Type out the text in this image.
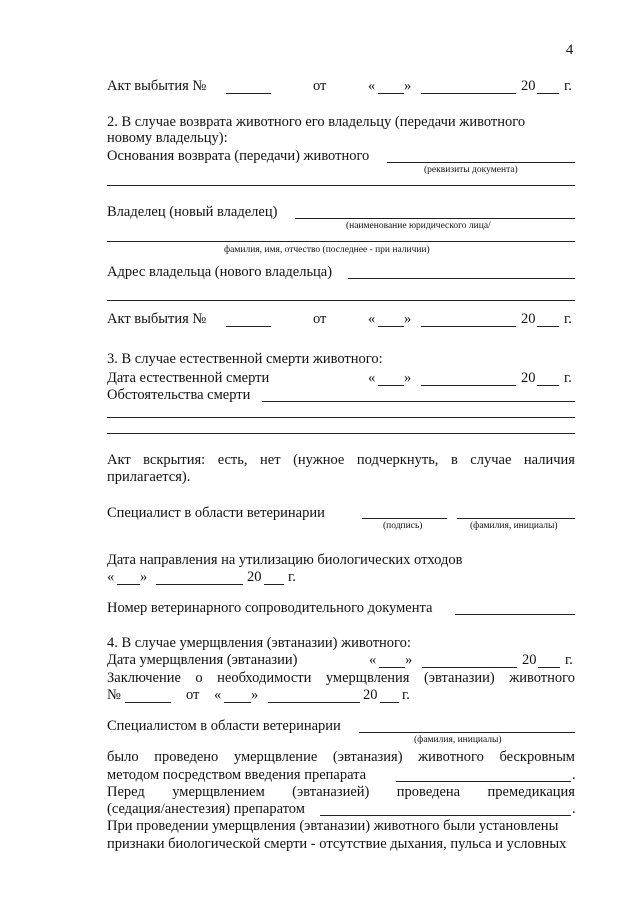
4
Акт выбытия №	от	« »	20 г.
2. В случае возврата животного его владельцу (передачи животного
новому владельцу):
Основания возврата (передачи) животного
(реквизиты документа)
Владелец (новый владелец)
(наименование юридического лица/
фамилия, имя, отчество (последнее - при наличии)
Адрес владельца (нового владельца)
Акт выбытия №	от	« »	20 г.
3. В случае естественной смерти животного:
Дата естественной смерти	« »	20 г.
Обстоятельства смерти
Акт вскрытия: есть, нет (нужное подчеркнуть, в случае наличия
прилагается).
Специалист в области ветеринарии
(подпись)	(фамилия, инициалы)
Дата направления на утилизацию биологических отходов
« »	20 г.
Номер ветеринарного сопроводительного документа
4. В случае умерщвления (эвтаназии) животного:
Дата умерщвления (эвтаназии)	« »	20 г.
Заключение о необходимости умерщвления (эвтаназии) животного
№	от « »	20 г.
Специалистом в области ветеринарии
(фамилия, инициалы)
было проведено умерщвление (эвтаназия) животного бескровным
методом посредством введения препарата	.
Перед умерщвлением (эвтаназией) проведена премедикация
(седация/анестезия) препаратом	.
При проведении умерщвления (эвтаназии) животного были установлены
признаки биологической смерти - отсутствие дыхания, пульса и условных
